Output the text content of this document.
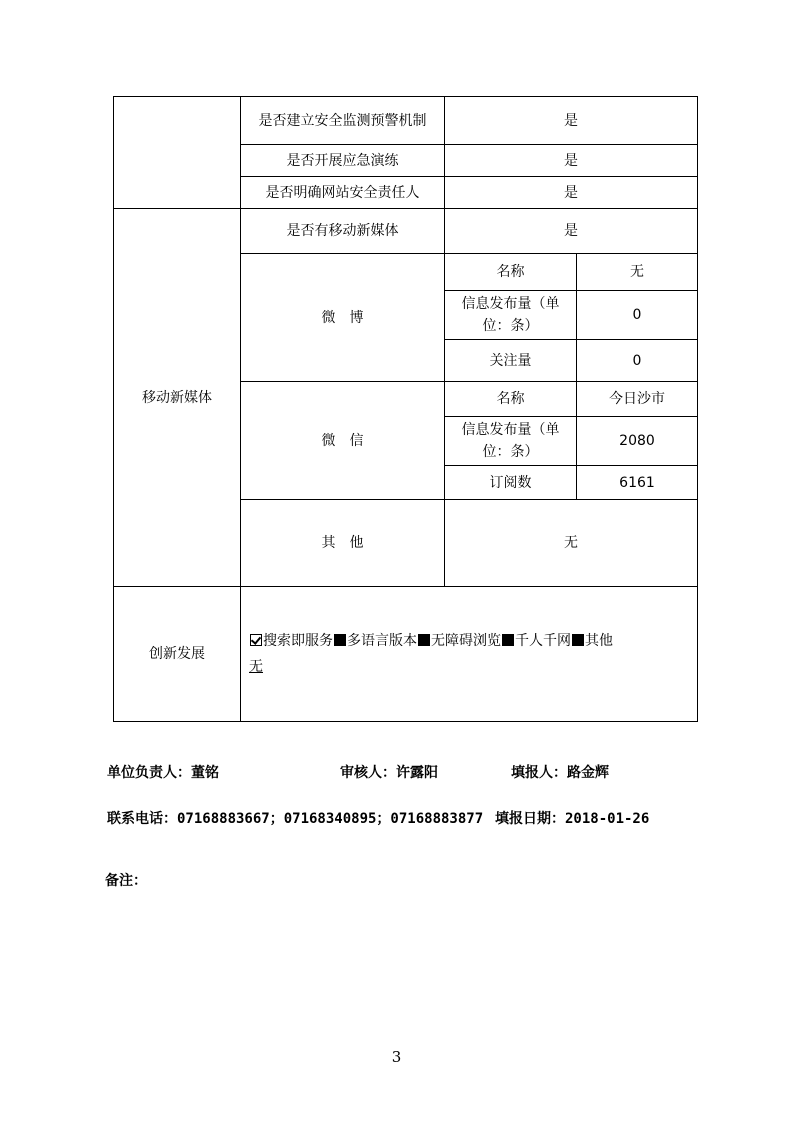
	是否建立安全监测预警机制	是	
	是否开展应急演练	是	
	是否明确网站安全责任人	是	
移动新媒体	是否有移动新媒体	是	
	微　博	名称	无
		信息发布量（单位：条）	0
		关注量	0
	微　信	名称	今日沙市
		信息发布量（单位：条）	2080
		订阅数	6161
	其　他	无	
创新发展	搜索即服务 多语言版本 无障碍浏览 千人千网 其他
无		
单位负责人：董铭	审核人：许露阳	填报人：路金辉
联系电话：07168883667；07168340895；07168883877 填报日期：2018-01-26
备注：
3
